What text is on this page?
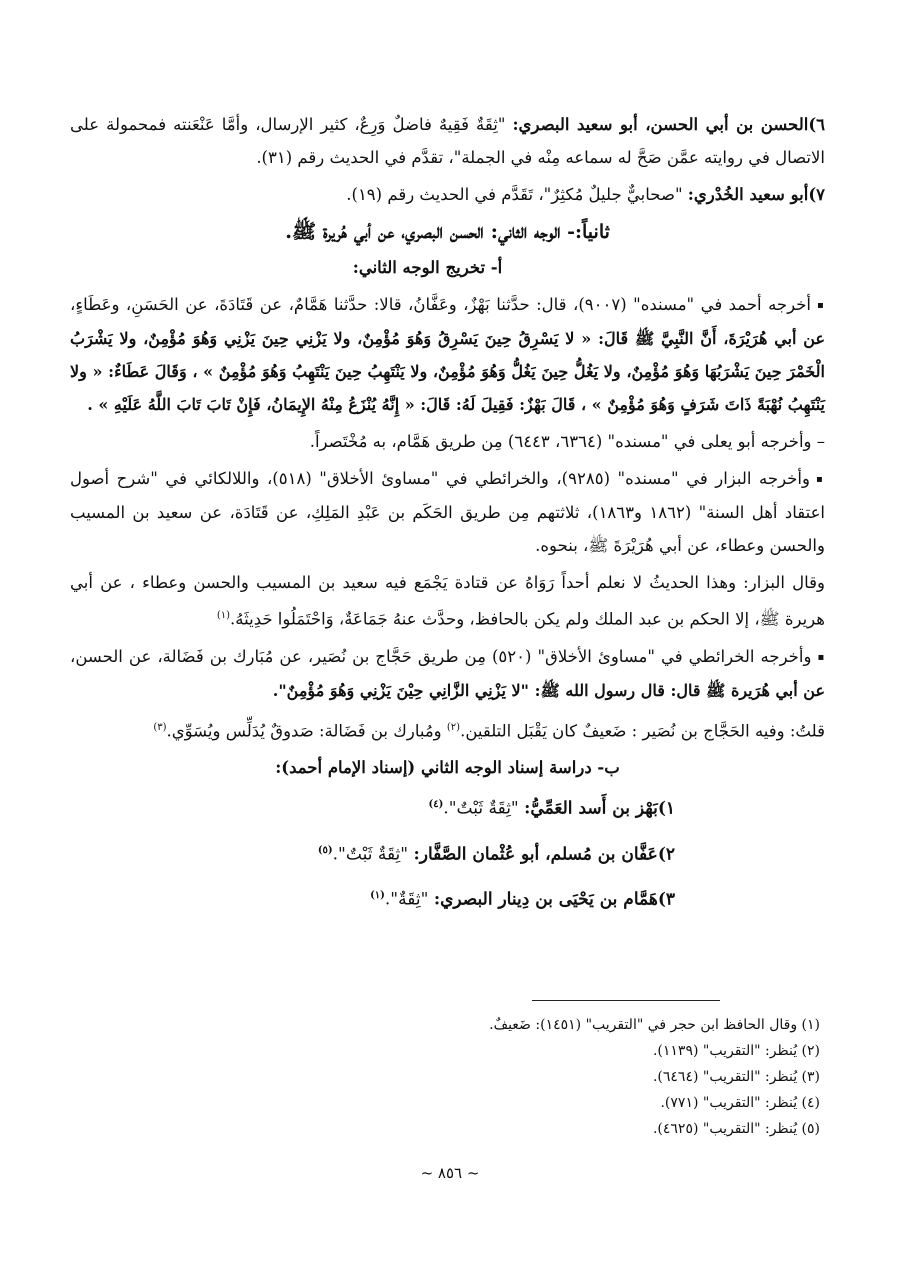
٦)الحسن بن أبي الحسن، أبو سعيد البصري: "ثِقَةٌ فَقِيهٌ فاضلٌ وَرِعٌ، كثير الإرسال، وأمَّا عَنْعَنته فمحمولة على الاتصال في روايته عمَّن صَحَّ له سماعه مِنْه في الجملة"، تقدَّم في الحديث رقم (٣١).

٧)أبو سعيد الخُدْري: "صحابيٌّ جليلٌ مُكثِرٌ"، تَقَدَّم في الحديث رقم (١٩).

ثانياً:- الوجه الثاني: الحسن البصري، عن أبي هُريرة ﷺ.
أ- تخريج الوجه الثاني:

▪أخرجه أحمد في "مسنده" (٩٠٠٧)، قال: حدَّثنا بَهْزٌ، وعَفَّانُ، قالا: حدَّثنا هَمَّامٌ، عن قَتَادَةَ، عن الحَسَنِ، وعَطَاءٍ، عن أبي هُرَيْرَةَ، أَنَّ النَّبِيَّ ﷺ قَالَ: « لا يَسْرِقُ حِينَ يَسْرِقُ وَهُوَ مُؤْمِنٌ، ولا يَزْنِي حِينَ يَزْنِي وَهُوَ مُؤْمِنٌ، ولا يَشْرَبُ الْخَمْرَ حِينَ يَشْرَبُهَا وَهُوَ مُؤْمِنٌ، ولا يَغُلُّ حِينَ يَغُلُّ وَهُوَ مُؤْمِنٌ، ولا يَنْتَهِبُ حِينَ يَنْتَهِبُ وَهُوَ مُؤْمِنٌ » ، وَقَالَ عَطَاءٌ: « ولا يَنْتَهِبُ نُهْبَةً ذَاتَ شَرَفٍ وَهُوَ مُؤْمِنٌ » ، قَالَ بَهْزٌ: فَقِيلَ لَهُ: قَالَ: « إِنَّهُ يُنْزَعُ مِنْهُ الإِيمَانُ، فَإِنْ تَابَ تَابَ اللَّهُ عَلَيْهِ » .

– وأخرجه أبو يعلى في "مسنده" (٦٣٦٤، ٦٤٤٣) مِن طريق هَمَّام، به مُخْتَصراً.

▪وأخرجه البزار في "مسنده" (٩٢٨٥)، والخرائطي في "مساوئ الأخلاق" (٥١٨)، واللالكائي في "شرح أصول اعتقاد أهل السنة" (١٨٦٢ و١٨٦٣)، ثلاثتهم مِن طريق الحَكَم بن عَبْدِ المَلِكِ، عن قَتَادَة، عن سعيد بن المسيب والحسن وعطاء، عن أبي هُرَيْرَةَ ﷺ، بنحوه.

وقال البزار: وهذا الحديثُ لا نعلم أحداً رَوَاهُ عن قتادة يَجْمَع فيه سعيد بن المسيب والحسن وعطاء ، عن أبي هريرة ﷺ، إلا الحكم بن عبد الملك ولم يكن بالحافظ، وحدَّث عنهُ جَمَاعَةٌ، وَاحْتَمَلُوا حَدِيثَهُ.$^{(١)}$

▪وأخرجه الخرائطي في "مساوئ الأخلاق" (٥٢٠) مِن طريق حَجَّاج بن نُصَير، عن مُبَارك بن فَضَالة، عن الحسن، عن أبي هُرَيرة ﷺ قال: قال رسول الله ﷺ: "لا يَزْنِي الزَّانِي حِيْنَ يَزْنِي وَهُوَ مُؤْمِنٌ".

قلتُ: وفيه الحَجَّاج بن نُصَير : ضَعيفٌ كان يَقْبَل التلقين.$^{(٢)}$ ومُبارك بن فَضَالة: صَدوقٌ يُدَلِّس ويُسَوِّي.$^{(٣)}$

ب- دراسة إسناد الوجه الثاني (إسناد الإمام أحمد):
١)بَهْز بن أَسد العَمِّيُّ: "ثِقَةٌ ثَبْتٌ".$^{(٤)}$
٢)عَفَّان بن مُسلم، أبو عُثْمان الصَّفَّار: "ثِقَةٌ ثَبْتٌ".$^{(٥)}$
٣)هَمَّام بن يَحْيَى بن دِينار البصري: "ثِقَةٌ".$^{(١)}$
(١) وقال الحافظ ابن حجر في "التقريب" (١٤٥١): ضَعيفٌ.
(٢) يُنظر: "التقريب" (١١٣٩).
(٣) يُنظر: "التقريب" (٦٤٦٤).
(٤) يُنظر: "التقريب" (٧٧١).
(٥) يُنظر: "التقريب" (٤٦٢٥).
~ ٨٥٦ ~
